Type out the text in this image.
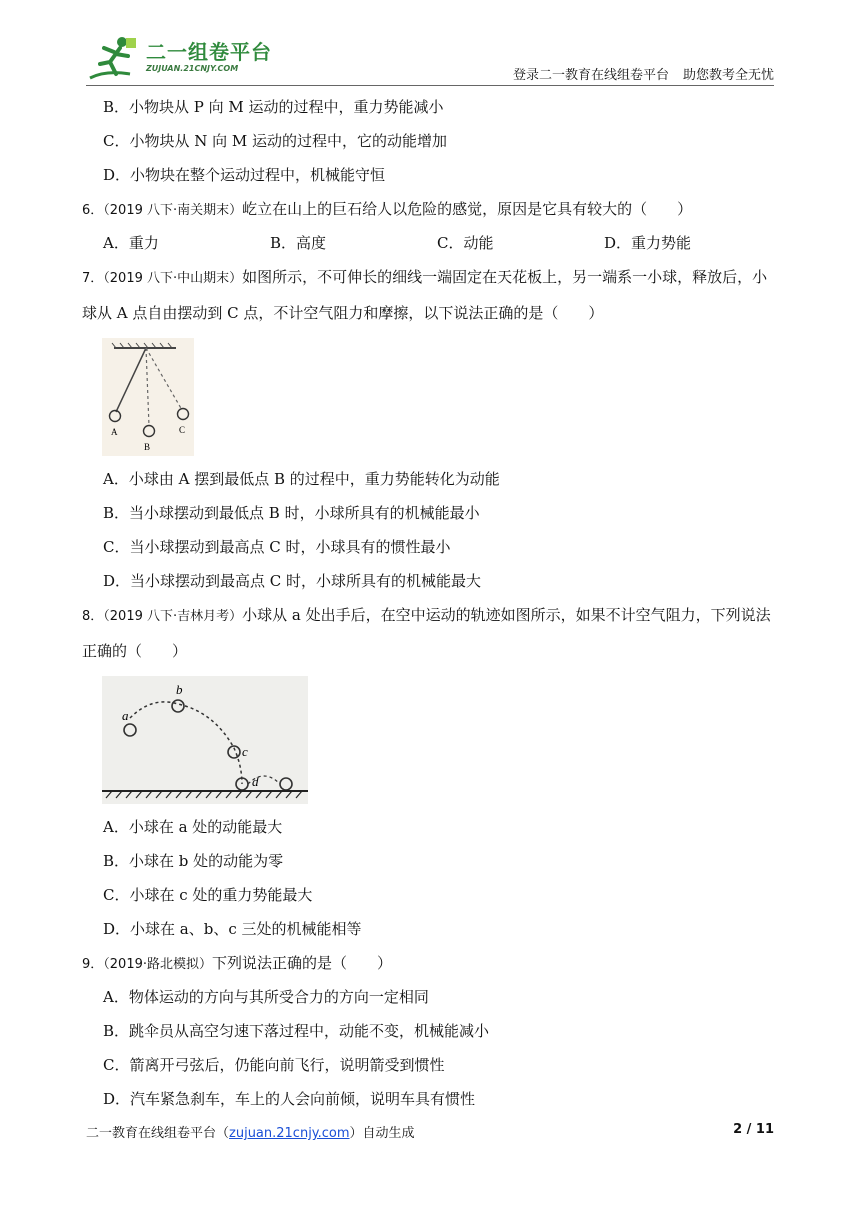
二一组卷平台
ZUJUAN.21CNJY.COM	登录二一教育在线组卷平台 助您教考全无忧
B．小物块从 P 向 M 运动的过程中，重力势能减小
C．小物块从 N 向 M 运动的过程中，它的动能增加
D．小物块在整个运动过程中，机械能守恒
6．（2019 八下·南关期末）屹立在山上的巨石给人以危险的感觉，原因是它具有较大的（　　）
A．重力	B．高度	C．动能	D．重力势能
7．（2019 八下·中山期末）如图所示，不可伸长的细线一端固定在天花板上，另一端系一小球，释放后，小球从 A 点自由摆动到 C 点，不计空气阻力和摩擦，以下说法正确的是（　　）
A
B
C
A．小球由 A 摆到最低点 B 的过程中，重力势能转化为动能
B．当小球摆动到最低点 B 时，小球所具有的机械能最小
C．当小球摆动到最高点 C 时，小球具有的惯性最小
D．当小球摆动到最高点 C 时，小球所具有的机械能最大
8．（2019 八下·吉林月考）小球从 a 处出手后，在空中运动的轨迹如图所示，如果不计空气阻力，下列说法正确的（　　）
a
b
c
d
A．小球在 a 处的动能最大
B．小球在 b 处的动能为零
C．小球在 c 处的重力势能最大
D．小球在 a、b、c 三处的机械能相等
9．（2019·路北模拟）下列说法正确的是（　　）
A．物体运动的方向与其所受合力的方向一定相同
B．跳伞员从高空匀速下落过程中，动能不变，机械能减小
C．箭离开弓弦后，仍能向前飞行，说明箭受到惯性
D．汽车紧急刹车，车上的人会向前倾，说明车具有惯性
二一教育在线组卷平台（zujuan.21cnjy.com）自动生成	2 / 11
